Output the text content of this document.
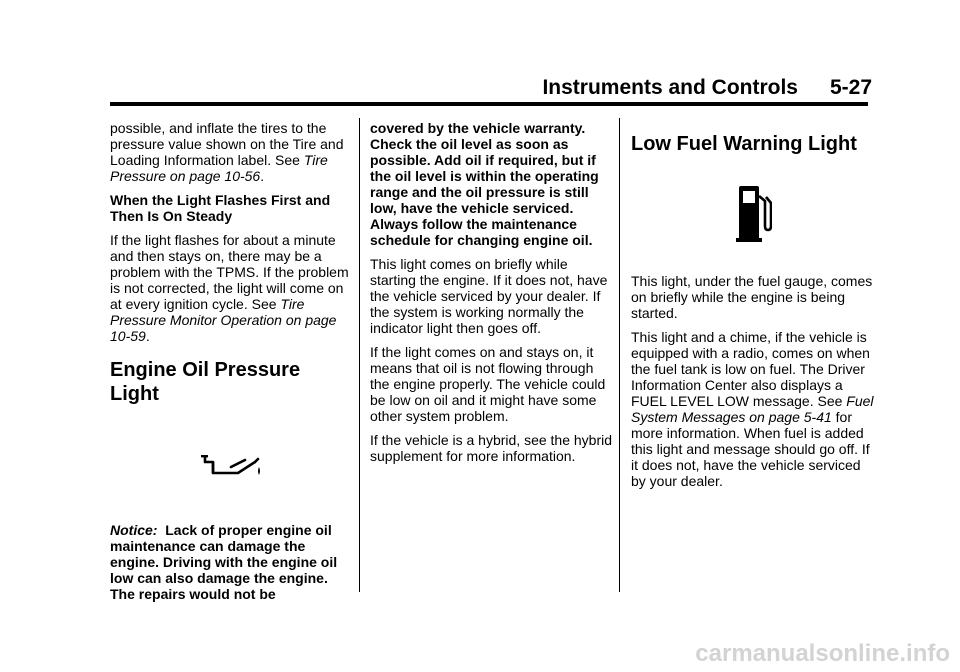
Instruments and Controls 5-27

possible, and inflate the tires to the pressure value shown on the Tire and Loading Information label. See Tire Pressure on page 10-56.

When the Light Flashes First and Then Is On Steady

If the light flashes for about a minute and then stays on, there may be a problem with the TPMS. If the problem is not corrected, the light will come on at every ignition cycle. See Tire Pressure Monitor Operation on page 10-59.

Engine Oil Pressure Light

Notice: Lack of proper engine oil maintenance can damage the engine. Driving with the engine oil low can also damage the engine. The repairs would not be

covered by the vehicle warranty. Check the oil level as soon as possible. Add oil if required, but if the oil level is within the operating range and the oil pressure is still low, have the vehicle serviced. Always follow the maintenance schedule for changing engine oil.

This light comes on briefly while starting the engine. If it does not, have the vehicle serviced by your dealer. If the system is working normally the indicator light then goes off.

If the light comes on and stays on, it means that oil is not flowing through the engine properly. The vehicle could be low on oil and it might have some other system problem.

If the vehicle is a hybrid, see the hybrid supplement for more information.

Low Fuel Warning Light

This light, under the fuel gauge, comes on briefly while the engine is being started.

This light and a chime, if the vehicle is equipped with a radio, comes on when the fuel tank is low on fuel. The Driver Information Center also displays a FUEL LEVEL LOW message. See Fuel System Messages on page 5-41 for more information. When fuel is added this light and message should go off. If it does not, have the vehicle serviced by your dealer.

carmanualsonline.info
